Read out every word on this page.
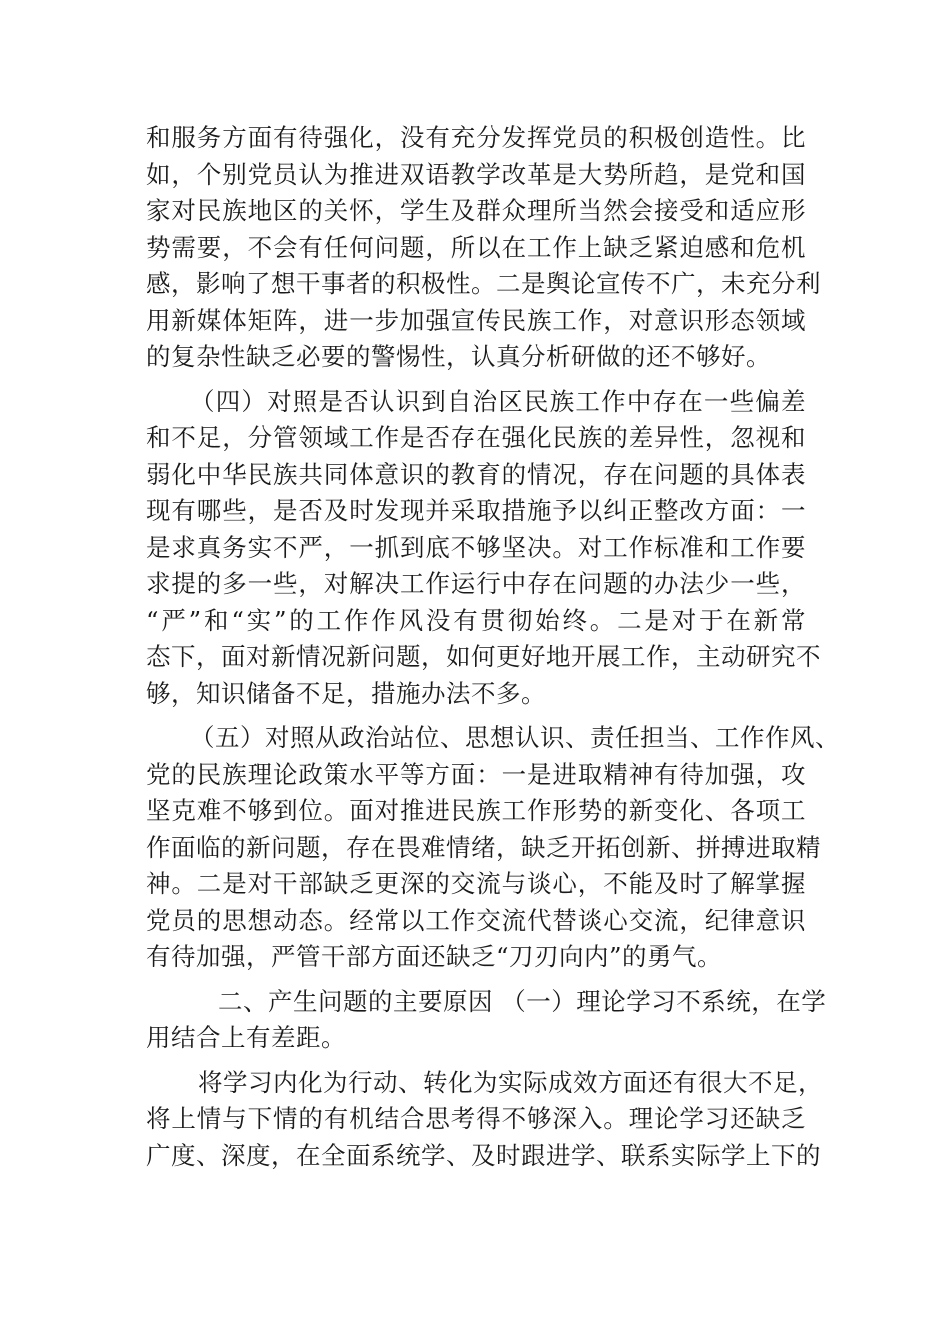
和服务方面有待强化，没有充分发挥党员的积极创造性。比
如，个别党员认为推进双语教学改革是大势所趋，是党和国
家对民族地区的关怀，学生及群众理所当然会接受和适应形
势需要，不会有任何问题，所以在工作上缺乏紧迫感和危机
感，影响了想干事者的积极性。二是舆论宣传不广，未充分利
用新媒体矩阵，进一步加强宣传民族工作，对意识形态领域
的复杂性缺乏必要的警惕性，认真分析研做的还不够好。
（四）对照是否认识到自治区民族工作中存在一些偏差
和不足，分管领域工作是否存在强化民族的差异性，忽视和
弱化中华民族共同体意识的教育的情况，存在问题的具体表
现有哪些，是否及时发现并采取措施予以纠正整改方面：一
是求真务实不严，一抓到底不够坚决。对工作标准和工作要
求提的多一些，对解决工作运行中存在问题的办法少一些，
“严”和“实”的工作作风没有贯彻始终。二是对于在新常
态下，面对新情况新问题，如何更好地开展工作，主动研究不
够，知识储备不足，措施办法不多。
（五）对照从政治站位、思想认识、责任担当、工作作风、
党的民族理论政策水平等方面：一是进取精神有待加强，攻
坚克难不够到位。面对推进民族工作形势的新变化、各项工
作面临的新问题，存在畏难情绪，缺乏开拓创新、拼搏进取精
神。二是对干部缺乏更深的交流与谈心，不能及时了解掌握
党员的思想动态。经常以工作交流代替谈心交流，纪律意识
有待加强，严管干部方面还缺乏“刀刃向内”的勇气。
二、产生问题的主要原因 （一）理论学习不系统，在学
用结合上有差距。
将学习内化为行动、转化为实际成效方面还有很大不足，
将上情与下情的有机结合思考得不够深入。理论学习还缺乏
广度、深度，在全面系统学、及时跟进学、联系实际学上下的
